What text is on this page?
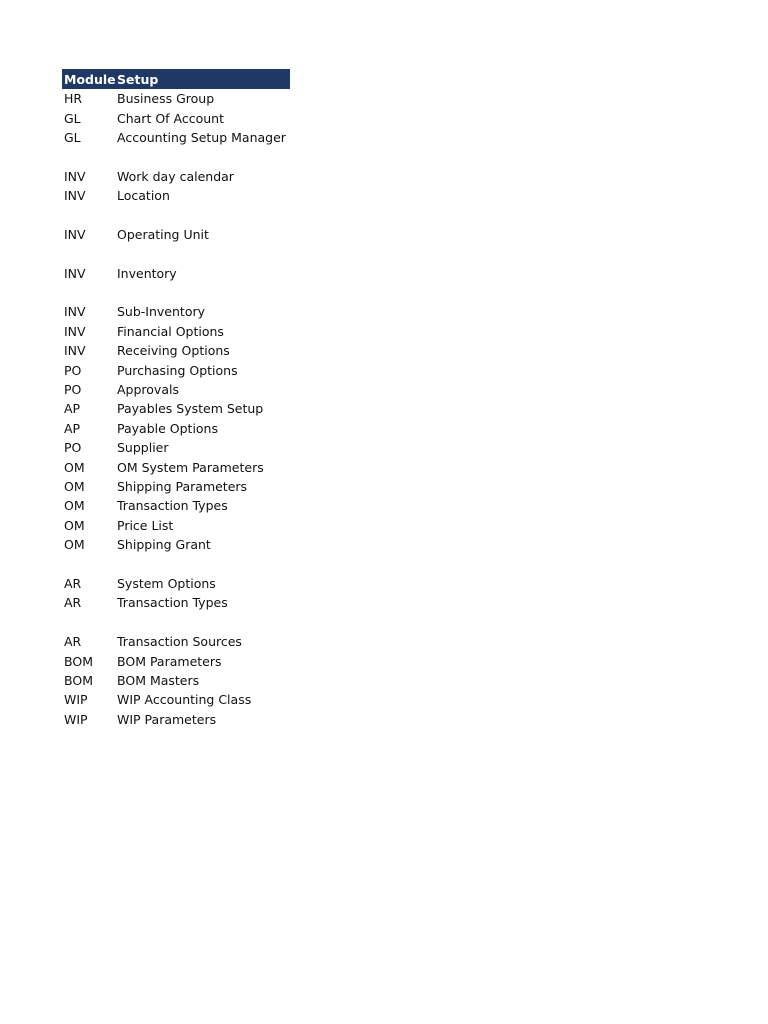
Module Setup
HR	Business Group
GL	Chart Of Account
GL	Accounting Setup Manager
INV	Work day calendar
INV	Location
INV	Operating Unit
INV	Inventory
INV	Sub-Inventory
INV	Financial Options
INV	Receiving Options
PO	Purchasing Options
PO	Approvals
AP	Payables System Setup
AP	Payable Options
PO	Supplier
OM	OM System Parameters
OM	Shipping Parameters
OM	Transaction Types
OM	Price List
OM	Shipping Grant
AR	System Options
AR	Transaction Types
AR	Transaction Sources
BOM	BOM Parameters
BOM	BOM Masters
WIP	WIP Accounting Class
WIP	WIP Parameters
